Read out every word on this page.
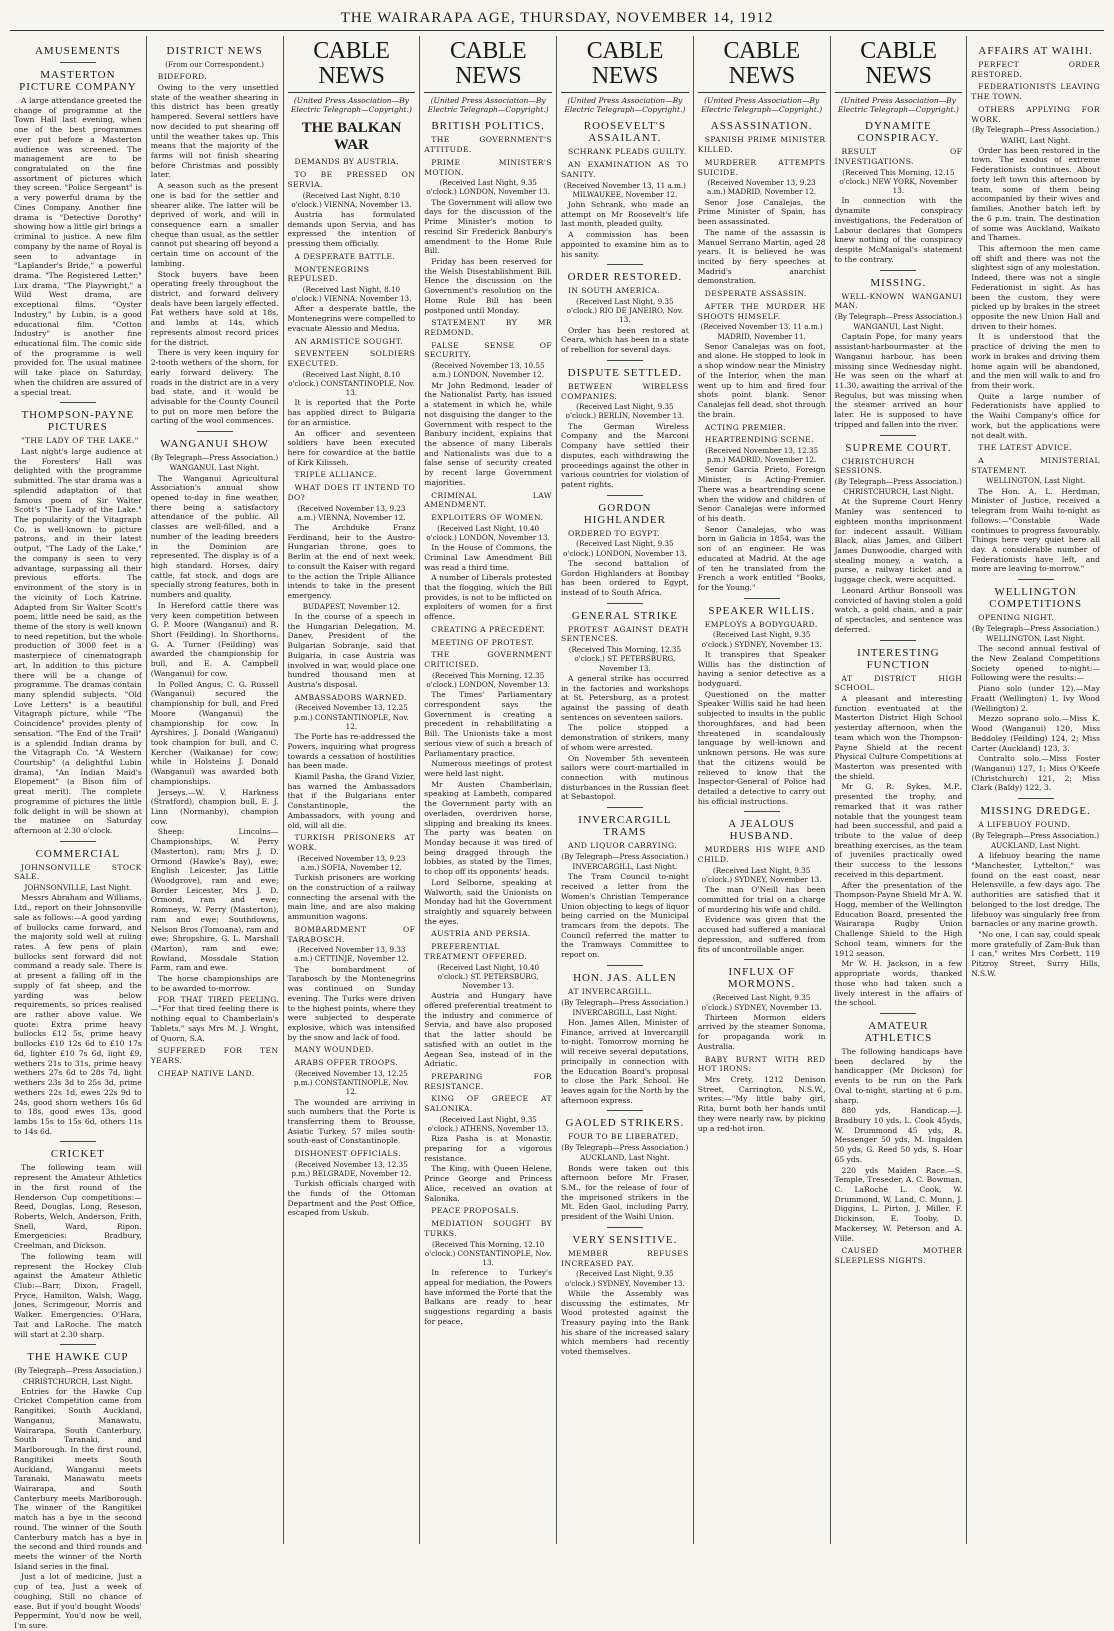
THE WAIRARAPA AGE, THURSDAY, NOVEMBER 14, 1912
AMUSEMENTS
MASTERTON PICTURE COMPANY

A large attendance greeted the change of programme at the Town Hall last evening, when one of the best programmes ever put before a Masterton audience was screened. The management are to be congratulated on the fine assortment of pictures which they screen. "Police Sergeant" is a very powerful drama by the Cines Company. Another fine drama is "Detective Dorothy" showing how a little girl brings a criminal to justice. A new film company by the name of Royal is seen to advantage in "Laplander's Bride," a powerful drama. "The Registered Letter," Lux drama, "The Playwright," a Wild West drama, are exceptional films. "Oyster Industry," by Lubin, is a good educational film. "Cotton Industry" is another fine educational film. The comic side of the programme is well provided for. The usual matinee will take place on Saturday, when the children are assured of a special treat.

THOMPSON-PAYNE PICTURES

"THE LADY OF THE LAKE."

Last night's large audience at the Foresters' Hall was delighted with the programme submitted. The star drama was a splendid adaptation of that famous poem of Sir Walter Scott's "The Lady of the Lake." The popularity of the Vitagraph Co. is well-known to picture patrons, and in their latest output, "The Lady of the Lake," the company is seen to very advantage, surpassing all their previous efforts. The environment of the story is in the vicinity of Loch Katrine. Adapted from Sir Walter Scott's poem, little need be said, as the theme of the story is well known to need repetition, but the whole production of 3000 feet is a masterpiece of cinematograph art. In addition to this picture there will be a change of programme. The dramas contain many splendid subjects. "Old Love Letters" is a beautiful Vitagraph picture, while "The Coincidence" provides plenty of sensation. "The End of the Trail" is a splendid Indian drama by the Vitagraph Co. "A Western Courtship" (a delightful Lubin drama), "An Indian Maid's Elopement" (a Bison film of great merit). The complete programme of pictures the little folk delight in will be shown at the matinee on Saturday afternoon at 2.30 o'clock.

COMMERCIAL

JOHNSONVILLE STOCK SALE.

JOHNSONVILLE, Last Night.

Messrs Abraham and Williams, Ltd., report on their Johnsonville sale as follows:—A good yarding of bullocks came forward, and the majority sold well at ruling rates. A few pens of plain bullocks sent forward did not command a ready sale. There is at present a falling off in the supply of fat sheep, and the yarding was below requirements, so prices realised are rather above value. We quote: Extra prime heavy bullocks £12 5s, prime heavy bullocks £10 12s 6d to £10 17s 6d, lighter £10 7s 6d, light £9, wethers 21s to 31s, prime heavy wethers 27s 6d to 28s 7d, light wethers 23s 3d to 25s 3d, prime wethers 22s 1d, ewes 22s 9d to 24s, good shorn wethers 16s 6d to 18s, good ewes 13s, good lambs 15s to 15s 6d, others 11s to 14s 6d.

CRICKET

The following team will represent the Amateur Athletics in the first round of the Henderson Cup competitions:—Reed, Douglas, Long, Reseson, Roberts, Welch, Anderson, Frith, Snell, Ward, Ripon. Emergencies: Bradbury, Creelman, and Dickson.

The following team will represent the Hockey Club against the Amateur Athletic Club:—Barr, Dixon, Fragell, Pryce, Hamilton, Walsh, Wagg, Jones, Scrimgeour, Morris and Walker. Emergencies: O'Hara, Tait and LaRoche. The match will start at 2.30 sharp.

THE HAWKE CUP

(By Telegraph—Press Association.)

CHRISTCHURCH, Last Night.

Entries for the Hawke Cup Cricket Competition came from Rangitikei, South Auckland, Wanganui, Manawatu, Wairarapa, South Canterbury, South Taranaki, and Marlborough. In the first round, Rangitikei meets South Auckland, Wanganui meets Taranaki, Manawatu meets Wairarapa, and South Canterbury meets Marlborough. The winner of the Rangitikei match has a bye in the second round. The winner of the South Canterbury match has a bye in the second and third rounds and meets the winner of the North Island series in the final.

Just a lot of medicine, Just a cup of tea, Just a week of coughing, Still no chance of ease. But if you'd bought Woods' Peppermint, You'd now be well, I'm sure.

DISTRICT NEWS

(From our Correspondent.)

BIDEFORD.

Owing to the very unsettled state of the weather shearing in this district has been greatly hampered. Several settlers have now decided to put shearing off until the weather takes up. This means that the majority of the farms will not finish shearing before Christmas and possibly later.

A season such as the present one is bad for the settler and shearer alike. The latter will be deprived of work, and will in consequence earn a smaller cheque than usual, as the settler cannot put shearing off beyond a certain time on account of the lambing.

Stock buyers have been operating freely throughout the district, and forward delivery deals have been largely effected. Fat wethers have sold at 18s, and lambs at 14s, which represents almost record prices for the district.

There is very keen inquiry for 2-tooth wethers of the shorn, for early forward delivery. The roads in the district are in a very bad state, and it would be advisable for the County Council to put on more men before the carting of the wool commences.

WANGANUI SHOW

(By Telegraph—Press Association.)

WANGANUI, Last Night.

The Wanganui Agricultural Association's annual show opened to-day in fine weather, there being a satisfactory attendance of the public. All classes are well-filled, and a number of the leading breeders in the Dominion are represented. The display is of a high standard. Horses, dairy cattle, fat stock, and dogs are specially strong features, both in numbers and quality.

In Hereford cattle there was very keen competition between G. P. Moore (Wanganui) and R. Short (Feilding). In Shorthorns, G. A. Turner (Feilding) was awarded the championship for bull, and E. A. Campbell (Wanganui) for cow.

In Polled Angus, C. G. Russell (Wanganui) secured the championship for bull, and Fred Moore (Wanganui) the championship for cow. In Ayrshires, J. Donald (Wanganui) took champion for bull, and C. Kercher (Waikanae) for cow; while in Holsteins J. Donald (Wanganui) was awarded both championships.

Jerseys.—W. V. Harkness (Stratford), champion bull, E. J. Linn (Normanby), champion cow.

Sheep: Lincolns—Championships, W. Perry (Masterton), ram; Mrs J. D. Ormond (Hawke's Bay), ewe; English Leicester, Jas Little (Woodgrove), ram and ewe; Border Leicester, Mrs J. D. Ormond, ram and ewe; Romneys, W. Perry (Masterton), ram and ewe; Southdowns, Nelson Bros (Tomoana), ram and ewe; Shropshire, G. L. Marshall (Marton), ram and ewe; Rowland, Mossdale Station Farm, ram and ewe.

The horse championships are to be awarded to-morrow.

FOR THAT TIRED FEELING.—"For that tired feeling there is nothing equal to Chamberlain's Tablets," says Mrs M. J. Wright, of Quorn, S.A.

SUFFERED FOR TEN YEARS.

CHEAP NATIVE LAND.

CABLE NEWS
(United Press Association—By Electric Telegraph—Copyright.)
THE BALKAN WAR

DEMANDS BY AUSTRIA.

TO BE PRESSED ON SERVIA.

(Received Last Night, 8.10 o'clock.) VIENNA, November 13.

Austria has formulated demands upon Servia, and has expressed the intention of pressing them officially.

A DESPERATE BATTLE.

MONTENEGRINS REPULSED.

(Received Last Night, 8.10 o'clock.) VIENNA, November 13.

After a desperate battle, the Montenegrins were compelled to evacuate Alessio and Medua.

AN ARMISTICE SOUGHT.

SEVENTEEN SOLDIERS EXECUTED.

(Received Last Night, 8.10 o'clock.) CONSTANTINOPLE, Nov. 13.

It is reported that the Porte has applied direct to Bulgaria for an armistice.

An officer and seventeen soldiers have been executed here for cowardice at the battle of Kirk Kilisseh.

TRIPLE ALLIANCE.

WHAT DOES IT INTEND TO DO?

(Received November 13, 9.23 a.m.) VIENNA, November 12.

The Archduke Franz Ferdinand, heir to the Austro-Hungarian throne, goes to Berlin at the end of next week, to consult the Kaiser with regard to the action the Triple Alliance intends to take in the present emergency.

BUDAPEST, November 12.

In the course of a speech in the Hungarian Delegation, M. Danev, President of the Bulgarian Sobranje, said that Bulgaria, in case Austria was involved in war, would place one hundred thousand men at Austria's disposal.

AMBASSADORS WARNED.

(Received November 13, 12.25 p.m.) CONSTANTINOPLE, Nov. 12.

The Porte has re-addressed the Powers, inquiring what progress towards a cessation of hostilities has been made.

Kiamil Pasha, the Grand Vizier, has warned the Ambassadors that if the Bulgarians enter Constantinople, the Ambassadors, with young and old, will all die.

TURKISH PRISONERS AT WORK.

(Received November 13, 9.23 a.m.) SOFIA, November 12.

Turkish prisoners are working on the construction of a railway connecting the arsenal with the main line, and are also making ammunition wagons.

BOMBARDMENT OF TARABOSCH.

(Received November 13, 9.33 a.m.) CETTINJE, November 12.

The bombardment of Tarabosch by the Montenegrins was continued on Sunday evening. The Turks were driven to the highest points, where they were subjected to desperate explosive, which was intensified by the snow and lack of food.

MANY WOUNDED.

ARABS OFFER TROOPS.

(Received November 13, 12.25 p.m.) CONSTANTINOPLE, Nov. 12.

The wounded are arriving in such numbers that the Porte is transferring them to Brousse, Asiatic Turkey, 57 miles south-south-east of Constantinople.

DISHONEST OFFICIALS.

(Received November 13, 12.35 p.m.) BELGRADE, November 12.

Turkish officials charged with the funds of the Ottoman Department and the Post Office, escaped from Uskub.

CABLE NEWS
(United Press Association—By Electric Telegraph—Copyright.)
BRITISH POLITICS.

THE GOVERNMENT'S ATTITUDE.

PRIME MINISTER'S MOTION.

(Received Last Night, 9.35 o'clock.) LONDON, November 13.

The Government will allow two days for the discussion of the Prime Minister's motion to rescind Sir Frederick Banbury's amendment to the Home Rule Bill.

Friday has been reserved for the Welsh Disestablishment Bill. Hence the discussion on the Government's resolution on the Home Rule Bill has been postponed until Monday.

STATEMENT BY MR REDMOND.

FALSE SENSE OF SECURITY.

(Received November 13, 10.55 a.m.) LONDON, November 12.

Mr John Redmond, leader of the Nationalist Party, has issued a statement in which he, while not disguising the danger to the Government with respect to the Banbury incident, explains that the absence of many Liberals and Nationalists was due to a false sense of security created by recent large Government majorities.

CRIMINAL LAW AMENDMENT.

EXPLOITERS OF WOMEN.

(Received Last Night, 10.40 o'clock.) LONDON, November 13.

In the House of Commons, the Criminal Law Amendment Bill was read a third time.

A number of Liberals protested that the flogging, which the Bill provides, is not to be inflicted on exploiters of women for a first offence.

CREATING A PRECEDENT.

MEETING OF PROTEST.

THE GOVERNMENT CRITICISED.

(Received This Morning, 12.35 o'clock.) LONDON, November 13.

The Times' Parliamentary correspondent says the Government is creating a precedent in rehabilitating a Bill. The Unionists take a most serious view of such a breach of Parliamentary practice.

Numerous meetings of protest were held last night.

Mr Austen Chamberlain, speaking at Lambeth, compared the Government party with an overladen, overdriven horse, slipping and breaking its knees. The party was beaten on Monday because it was tired of being dragged through the lobbies, as stated by the Times, to chop off its opponents' heads.

Lord Selborne, speaking at Walworth, said the Unionists on Monday had hit the Government straightly and squarely between the eyes.

AUSTRIA AND PERSIA.

PREFERENTIAL TREATMENT OFFERED.

(Received Last Night, 10.40 o'clock.) ST. PETERSBURG, November 13.

Austria and Hungary have offered preferential treatment to the industry and commerce of Servia, and have also proposed that the latter should be satisfied with an outlet in the Aegean Sea, instead of in the Adriatic.

PREPARING FOR RESISTANCE.

KING OF GREECE AT SALONIKA.

(Received Last Night, 9.35 o'clock.) ATHENS, November 13.

Riza Pasha is at Monastir, preparing for a vigorous resistance.

The King, with Queen Helene, Prince George and Princess Alice, received an ovation at Salonika.

PEACE PROPOSALS.

MEDIATION SOUGHT BY TURKS.

(Received This Morning, 12.10 o'clock.) CONSTANTINOPLE, Nov. 13.

In reference to Turkey's appeal for mediation, the Powers have informed the Porte that the Balkans are ready to hear suggestions regarding a basis for peace.

CABLE NEWS
(United Press Association—By Electric Telegraph—Copyright.)
ROOSEVELT'S ASSAILANT.

SCHRANK PLEADS GUILTY.

AN EXAMINATION AS TO SANITY.

(Received November 13, 11 a.m.) MILWAUKEE, November 12.

John Schrank, who made an attempt on Mr Roosevelt's life last month, pleaded guilty.

A commission has been appointed to examine him as to his sanity.

ORDER RESTORED.

IN SOUTH AMERICA.

(Received Last Night, 9.35 o'clock.) RIO DE JANEIRO, Nov. 13.

Order has been restored at Ceara, which has been in a state of rebellion for several days.

DISPUTE SETTLED.

BETWEEN WIRELESS COMPANIES.

(Received Last Night, 9.35 o'clock.) BERLIN, November 13.

The German Wireless Company and the Marconi Company have settled their disputes, each withdrawing the proceedings against the other in various countries for violation of patent rights.

GORDON HIGHLANDER

ORDERED TO EGYPT.

(Received Last Night, 9.35 o'clock.) LONDON, November 13.

The second battalion of Gordon Highlanders at Bombay has been ordered to Egypt, instead of to South Africa.

GENERAL STRIKE

PROTEST AGAINST DEATH SENTENCES.

(Received This Morning, 12.35 o'clock.) ST. PETERSBURG, November 13.

A general strike has occurred in the factories and workshops at St. Petersburg, as a protest against the passing of death sentences on seventeen sailors.

The police stopped a demonstration of strikers, many of whom were arrested.

On November 5th seventeen sailors were court-martialled in connection with mutinous disturbances in the Russian fleet at Sebastopol.

INVERCARGILL TRAMS

AND LIQUOR CARRYING.

(By Telegraph—Press Association.)

INVERCARGILL, Last Night.

The Tram Council to-night received a letter from the Women's Christian Temperance Union objecting to kegs of liquor being carried on the Municipal tramcars from the depots. The Council referred the matter to the Tramways Committee to report on.

HON. JAS. ALLEN

AT INVERCARGILL.

(By Telegraph—Press Association.)

INVERCARGILL, Last Night.

Hon. James Allen, Minister of Finance, arrived at Invercargill to-night. Tomorrow morning he will receive several deputations, principally in connection with the Education Board's proposal to close the Park School. He leaves again for the North by the afternoon express.

GAOLED STRIKERS.

FOUR TO BE LIBERATED.

(By Telegraph—Press Association.)

AUCKLAND, Last Night.

Bonds were taken out this afternoon before Mr Fraser, S.M., for the release of four of the imprisoned strikers in the Mt. Eden Gaol, including Parry, president of the Waihi Union.

VERY SENSITIVE.

MEMBER REFUSES INCREASED PAY.

(Received Last Night, 9.35 o'clock.) SYDNEY, November 13.

While the Assembly was discussing the estimates, Mr Wood protested against the Treasury paying into the Bank his share of the increased salary which members had recently voted themselves.

CABLE NEWS
(United Press Association—By Electric Telegraph—Copyright.)
ASSASSINATION.

SPANISH PRIME MINISTER KILLED.

MURDERER ATTEMPTS SUICIDE.

(Received November 13, 9.23 a.m.) MADRID, November 12.

Senor Jose Canalejas, the Prime Minister of Spain, has been assassinated.

The name of the assassin is Manuel Serrano Martin, aged 28 years. It is believed he was incited by fiery speeches at Madrid's anarchist demonstration.

DESPERATE ASSASSIN.

AFTER THE MURDER HE SHOOTS HIMSELF.

(Received November 13, 11 a.m.) MADRID, November 11.

Senor Canalejas was on foot, and alone. He stopped to look in a shop window near the Ministry of the Interior, when the man went up to him and fired four shots point blank. Senor Canalejas fell dead, shot through the brain.

ACTING PREMIER.

HEARTRENDING SCENE.

(Received November 13, 12.35 p.m.) MADRID, November 12.

Senor Garcia Prieto, Foreign Minister, is Acting-Premier. There was a heartrending scene when the widow and children of Senor Canalejas were informed of his death.

Senor Canalejas, who was born in Galicia in 1854, was the son of an engineer. He was educated at Madrid. At the age of ten he translated from the French a work entitled "Books, for the Young."

SPEAKER WILLIS.

EMPLOYS A BODYGUARD.

(Received Last Night, 9.35 o'clock.) SYDNEY, November 13.

It transpires that Speaker Willis has the distinction of having a senior detective as a bodyguard.

Questioned on the matter Speaker Willis said he had been subjected to insults in the public thoroughfares, and had been threatened in scandalously language by well-known and unknown persons. He was sure that the citizens would be relieved to know that the Inspector-General of Police had detailed a detective to carry out his official instructions.

A JEALOUS HUSBAND.

MURDERS HIS WIFE AND CHILD.

(Received Last Night, 9.35 o'clock.) SYDNEY, November 13.

The man O'Neill has been committed for trial on a charge of murdering his wife and child.

Evidence was given that the accused had suffered a maniacal depression, and suffered from fits of uncontrollable anger.

INFLUX OF MORMONS.

(Received Last Night, 9.35 o'clock.) SYDNEY, November 13.

Thirteen Mormon elders arrived by the steamer Sonoma, for propaganda work in Australia.

BABY BURNT WITH RED HOT IRONS.

Mrs Crety, 1212 Denison Street, Carrington, N.S.W., writes:—"My little baby girl, Rita, burnt both her hands until they were nearly raw, by picking up a red-hot iron.

CABLE NEWS
(United Press Association—By Electric Telegraph—Copyright.)
DYNAMITE CONSPIRACY.

RESULT OF INVESTIGATIONS.

(Received This Morning, 12.15 o'clock.) NEW YORK, November 13.

In connection with the dynamite conspiracy investigations, the Federation of Labour declares that Gompers knew nothing of the conspiracy despite McManigal's statement to the contrary.

MISSING.

WELL-KNOWN WANGANUI MAN.

(By Telegraph—Press Association.)

WANGANUI, Last Night.

Captain Pope, for many years assistant-harbourmaster at the Wanganui harbour, has been missing since Wednesday night. He was seen on the wharf at 11.30, awaiting the arrival of the Regulus, but was missing when the steamer arrived an hour later. He is supposed to have tripped and fallen into the river.

SUPREME COURT.

CHRISTCHURCH SESSIONS.

(By Telegraph—Press Association.)

CHRISTCHURCH, Last Night.

At the Supreme Court Henry Manley was sentenced to eighteen months imprisonment for indecent assault. William Black, alias James, and Gilbert James Dunwoodie, charged with stealing money, a watch, a purse, a railway ticket and a luggage check, were acquitted.

Leonard Arthur Bonsooll was convicted of having stolen a gold watch, a gold chain, and a pair of spectacles, and sentence was deferred.

INTERESTING FUNCTION

AT DISTRICT HIGH SCHOOL.

A pleasant and interesting function eventuated at the Masterton District High School yesterday afternoon, when the team which won the Thompson-Payne Shield at the recent Physical Culture Competitions at Masterton was presented with the shield.

Mr G. R. Sykes, M.P., presented the trophy, and remarked that it was rather notable that the youngest team had been successful, and paid a tribute to the value of deep breathing exercises, as the team of juveniles practically owed their success to the lessons received in this department.

After the presentation of the Thompson-Payne Shield Mr A. W. Hogg, member of the Wellington Education Board, presented the Wairarapa Rugby Union Challenge Shield to the High School team, winners for the 1912 season.

Mr W. H. Jackson, in a few appropriate words, thanked those who had taken such a lively interest in the affairs of the school.

AMATEUR ATHLETICS

The following handicaps have been declared by the handicapper (Mr Dickson) for events to be run on the Park Oval to-night, starting at 6 p.m. sharp.

880 yds, Handicap.—J. Bradbury 10 yds, L. Cook 45yds, W. Drummond 45 yds, R. Messenger 50 yds, M. Ingalden 50 yds, G. Reed 50 yds, S. Hoar 65 yds.

220 yds Maiden Race.—S. Temple, Treseder, A. C. Bowman, C. LaRoche L. Cook, W. Drummond, W. Land, C. Munn, J. Diggins, L. Pirton, J. Miller, F. Dickinson, E. Tooby, D. Mackersey, W. Peterson and A. Ville.

CAUSED MOTHER SLEEPLESS NIGHTS.

AFFAIRS AT WAIHI.

PERFECT ORDER RESTORED.

FEDERATIONISTS LEAVING THE TOWN.

OTHERS APPLYING FOR WORK.

(By Telegraph—Press Association.)

WAIHI, Last Night.

Order has been restored in the town. The exodus of extreme Federationists continues. About forty left town this afternoon by team, some of them being accompanied by their wives and families. Another batch left by the 6 p.m. train. The destination of some was Auckland, Waikato and Thames.

This afternoon the men came off shift and there was not the slightest sign of any molestation. Indeed, there was not a single Federationist in sight. As has been the custom, they were picked up by brakes in the street opposite the new Union Hall and driven to their homes.

It is understood that the practice of driving the men to work in brakes and driving them home again will be abandoned, and the men will walk to and fro from their work.

Quite a large number of Federationists have applied to the Waihi Company's office for work, but the applications were not dealt with.

THE LATEST ADVICE.

A MINISTERIAL STATEMENT.

WELLINGTON, Last Night.

The Hon. A. L. Herdman, Minister of Justice, received a telegram from Waihi to-night as follows:—"Constable Wade continues to progress favourably. Things here very quiet here all day. A considerable number of Federationists have left, and more are leaving to-morrow."

WELLINGTON COMPETITIONS

OPENING NIGHT.

(By Telegraph—Press Association.)

WELLINGTON, Last Night.

The second annual festival of the New Zealand Competitions Society opened to-night:—Following were the results:—

Piano solo (under 12).—May Fraatt (Wellington) 1, Ivy Wood (Wellington) 2.

Mezzo soprano solo.—Miss K. Wood (Wanganui) 120, Miss Beddoley (Feilding) 124, 2; Miss Carter (Auckland) 123, 3.

Contralto solo.—Miss Foster (Wanganui) 127, 1; Miss O'Keefe (Christchurch) 121, 2; Miss Clark (Baldy) 122, 3.

MISSING DREDGE.

A LIFEBUOY FOUND.

(By Telegraph—Press Association.)

AUCKLAND, Last Night.

A lifebuoy bearing the name "Manchester, Lyttelton," was found on the east coast, near Helensville, a few days ago. The authorities are satisfied that it belonged to the lost dredge. The lifebuoy was singularly free from barnacles or any marine growth.

"No one, I can say, could speak more gratefully of Zam-Buk than I can," writes Mrs Corbett, 119 Pitzroy Street, Surry Hills, N.S.W.
